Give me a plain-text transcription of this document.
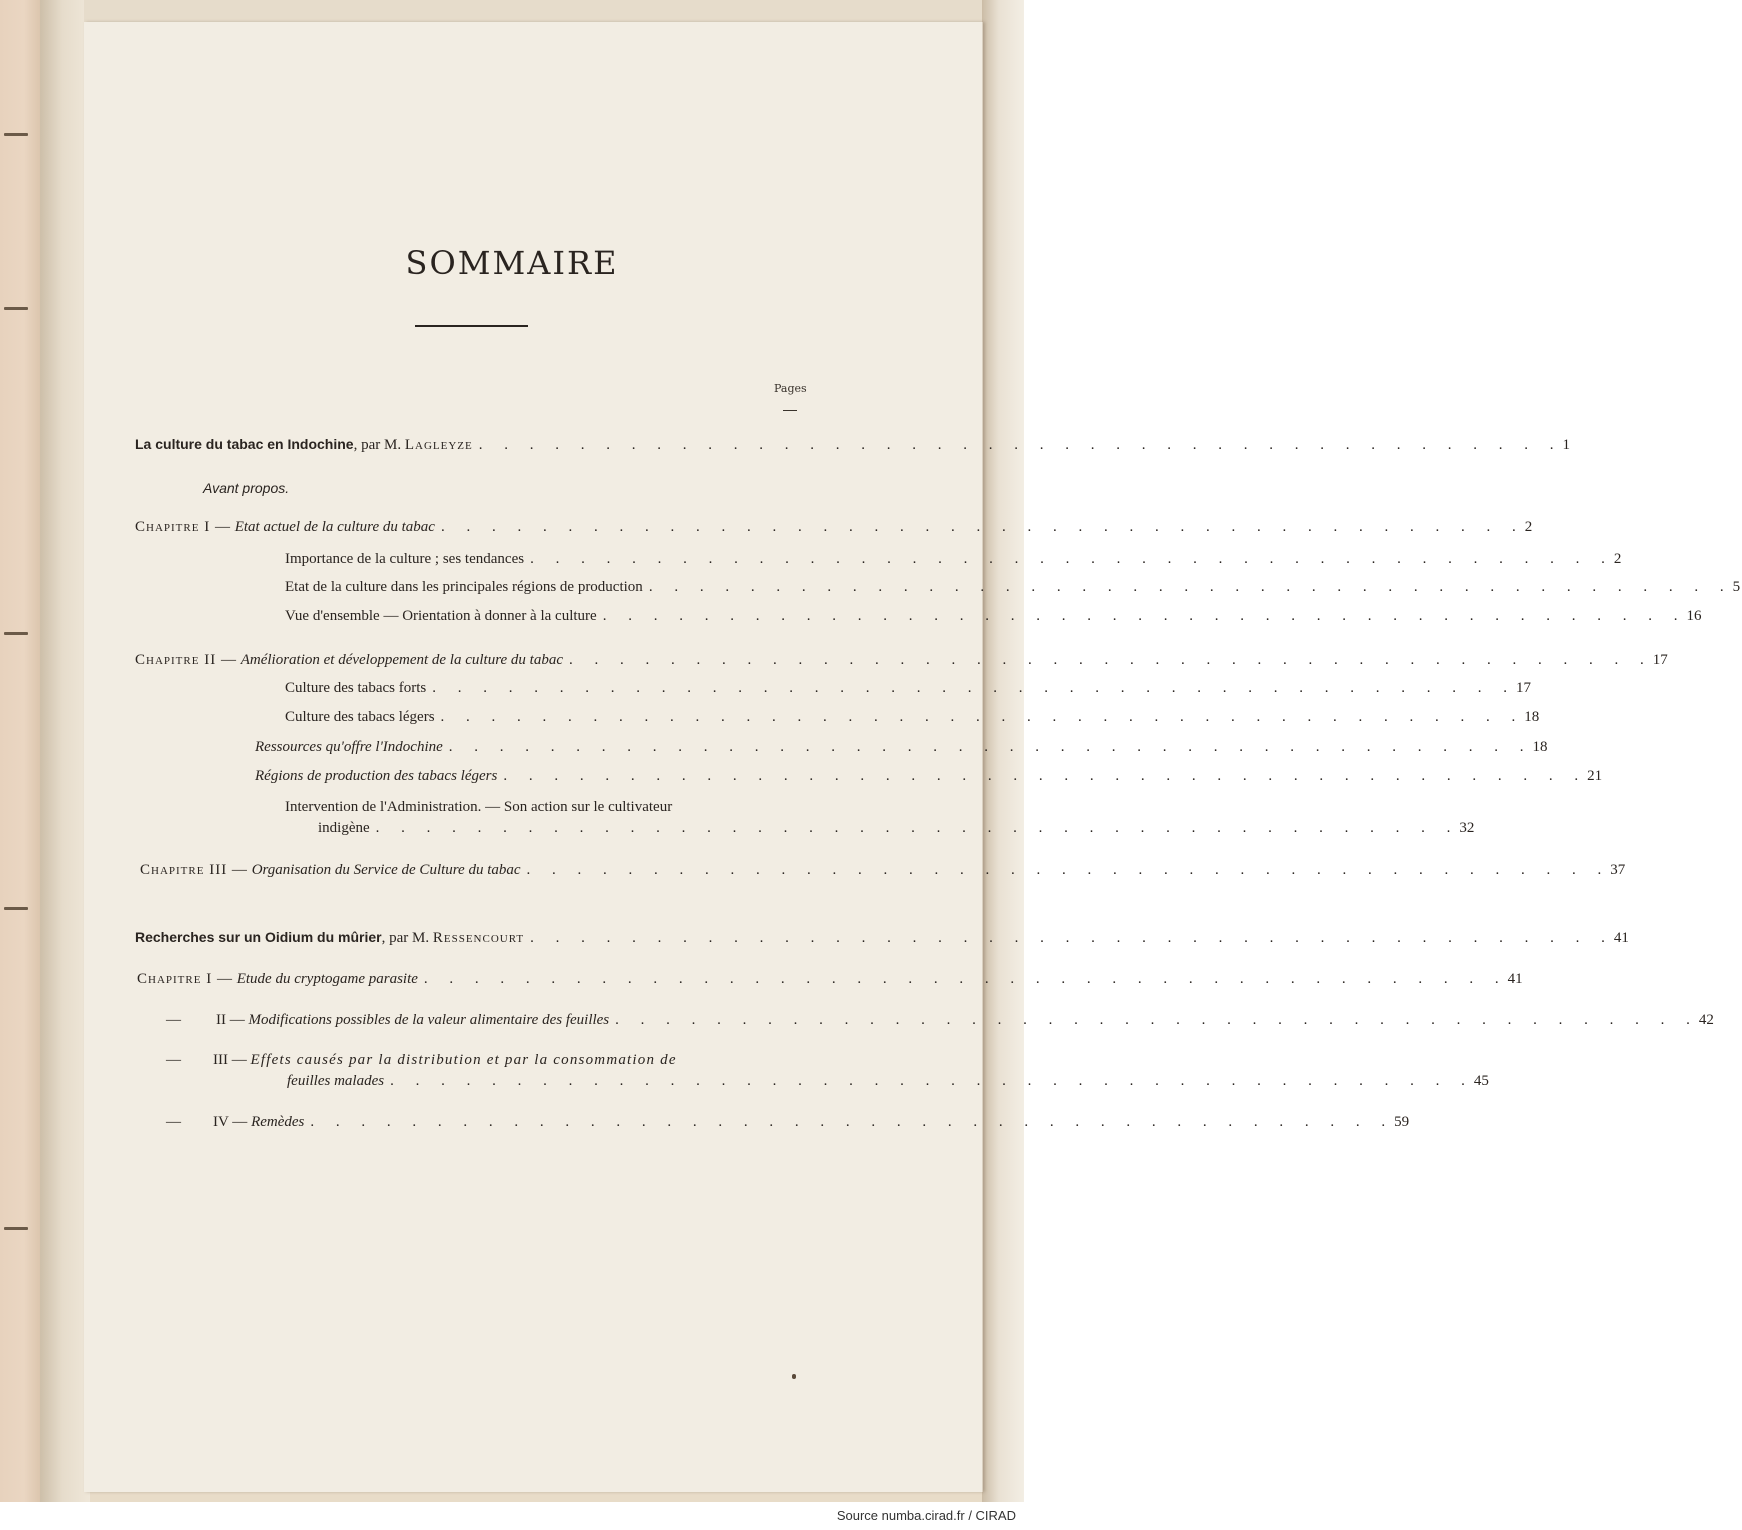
SOMMAIRE
Pages
La culture du tabac en Indochine, par M. Lagleyze . . . . . . . . . . . . . . . . . . . . . . . . . . . . . . . . . . . . . . . . . . . 1
Avant propos.
Chapitre I — Etat actuel de la culture du tabac . . . . . . . . . . . . . . . . . . . . . . . . . . . . . . . . . . . . . . . . . . . 2
Importance de la culture ; ses tendances . . . . . . . . . . . . . . . . . . . . . . . . . . . . . . . . . . . . . . . . . . . 2
Etat de la culture dans les principales régions de production . . . . . . . . . . . . . . . . . . . . . . . . . . . . . . . . . . . . . . . . . . . 5
Vue d'ensemble — Orientation à donner à la culture . . . . . . . . . . . . . . . . . . . . . . . . . . . . . . . . . . . . . . . . . . . 16
Chapitre II — Amélioration et développement de la culture du tabac . . . . . . . . . . . . . . . . . . . . . . . . . . . . . . . . . . . . . . . . . . . 17
Culture des tabacs forts . . . . . . . . . . . . . . . . . . . . . . . . . . . . . . . . . . . . . . . . . . . 17
Culture des tabacs légers . . . . . . . . . . . . . . . . . . . . . . . . . . . . . . . . . . . . . . . . . . . 18
Ressources qu'offre l'Indochine . . . . . . . . . . . . . . . . . . . . . . . . . . . . . . . . . . . . . . . . . . . 18
Régions de production des tabacs légers . . . . . . . . . . . . . . . . . . . . . . . . . . . . . . . . . . . . . . . . . . . 21
Intervention de l'Administration. — Son action sur le cultivateur
indigène . . . . . . . . . . . . . . . . . . . . . . . . . . . . . . . . . . . . . . . . . . . 32
Chapitre III — Organisation du Service de Culture du tabac . . . . . . . . . . . . . . . . . . . . . . . . . . . . . . . . . . . . . . . . . . . 37
Recherches sur un Oidium du mûrier, par M. Ressencourt . . . . . . . . . . . . . . . . . . . . . . . . . . . . . . . . . . . . . . . . . . . 41
Chapitre I — Etude du cryptogame parasite . . . . . . . . . . . . . . . . . . . . . . . . . . . . . . . . . . . . . . . . . . . 41
— II — Modifications possibles de la valeur alimentaire des feuilles . . . . . . . . . . . . . . . . . . . . . . . . . . . . . . . . . . . . . . . . . . . 42
— III — Effets causés par la distribution et par la consommation de
feuilles malades . . . . . . . . . . . . . . . . . . . . . . . . . . . . . . . . . . . . . . . . . . . 45
— IV — Remèdes . . . . . . . . . . . . . . . . . . . . . . . . . . . . . . . . . . . . . . . . . . . 59
Source numba.cirad.fr / CIRAD
